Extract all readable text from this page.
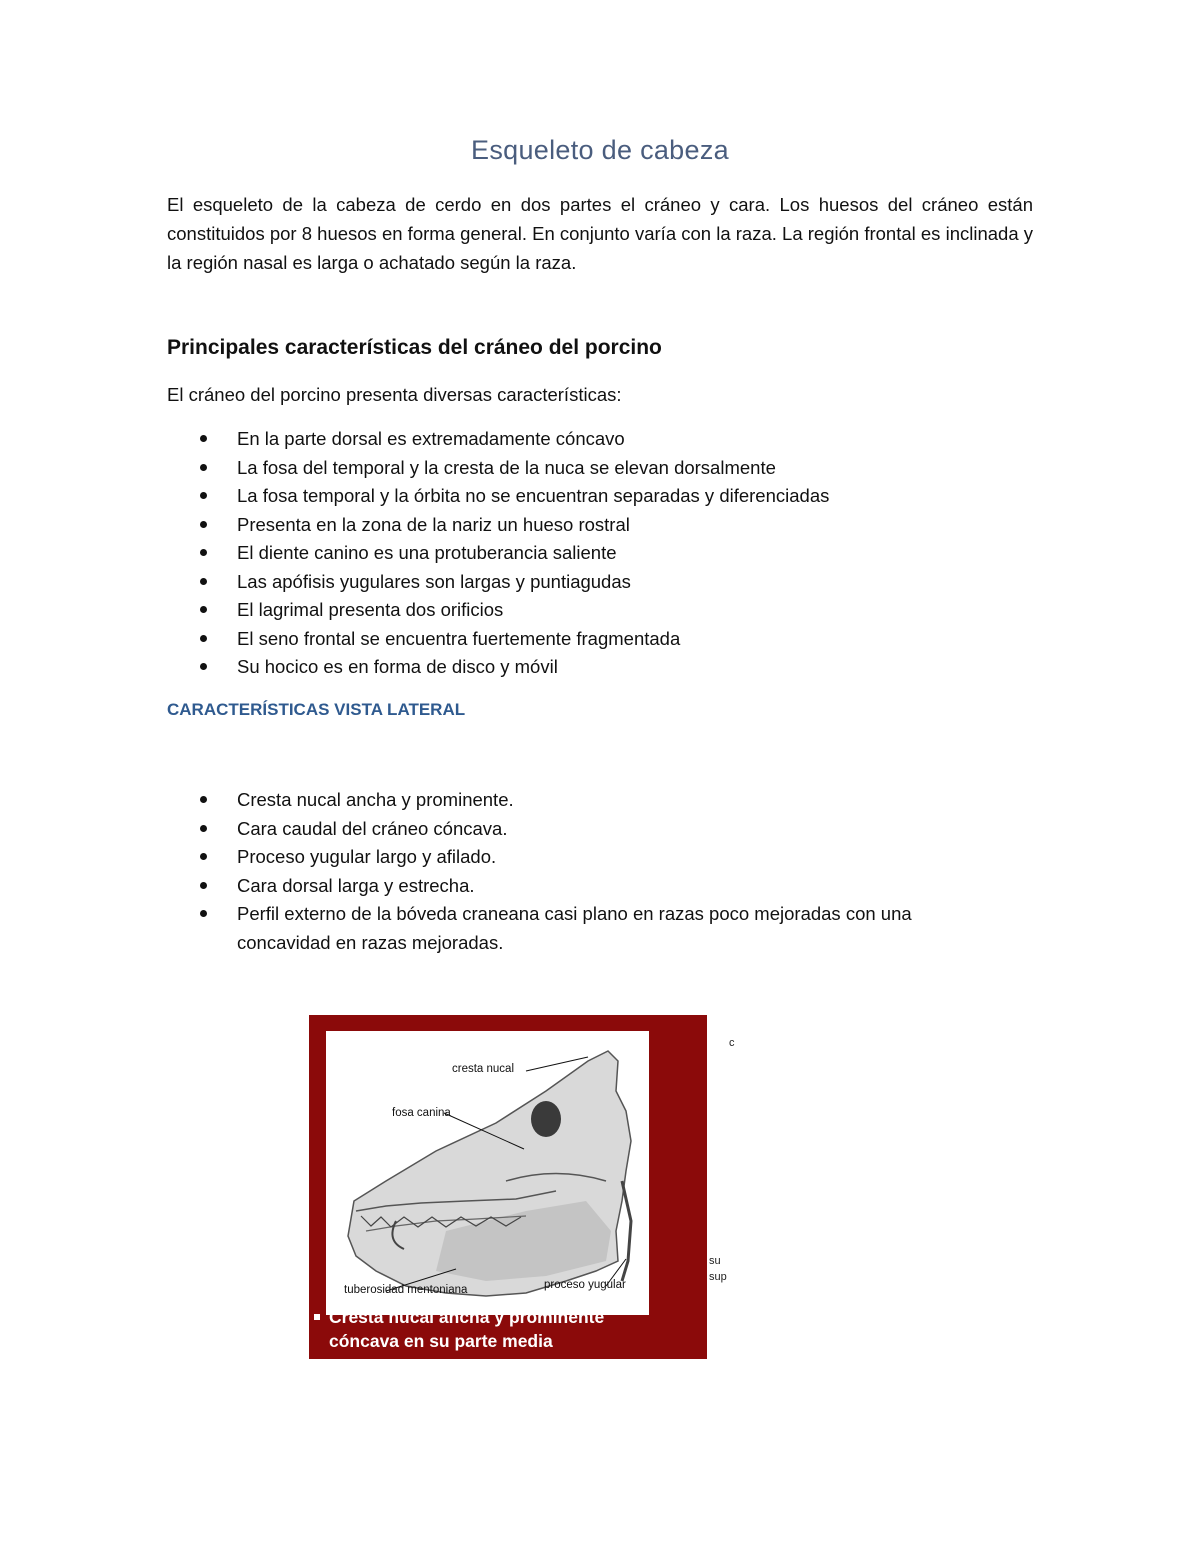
Esqueleto de cabeza

El esqueleto de la cabeza de cerdo en dos partes el cráneo y cara. Los huesos del cráneo están constituidos por 8 huesos en forma general. En conjunto varía con la raza. La región frontal es inclinada y la región nasal es larga o achatado según la raza.

Principales características del cráneo del porcino
El cráneo del porcino presenta diversas características:
En la parte dorsal es extremadamente cóncavo
La fosa del temporal y la cresta de la nuca se elevan dorsalmente
La fosa temporal y la órbita no se encuentran separadas y diferenciadas
Presenta en la zona de la nariz un hueso rostral
El diente canino es una protuberancia saliente
Las apófisis yugulares son largas y puntiagudas
El lagrimal presenta dos orificios
El seno frontal se encuentra fuertemente fragmentada
Su hocico es en forma de disco y móvil
CARACTERÍSTICAS VISTA LATERAL
Cresta nucal ancha y prominente.
Cara caudal del cráneo cóncava.
Proceso yugular largo y afilado.
Cara dorsal larga y estrecha.
Perfil externo de la bóveda craneana casi plano en razas poco mejoradas con una concavidad en razas mejoradas.
cresta nucal
fosa canina
tuberosidad mentoniana	proceso yugular
Cresta nucal ancha y prominente
cóncava en su parte media
c
su
sup
